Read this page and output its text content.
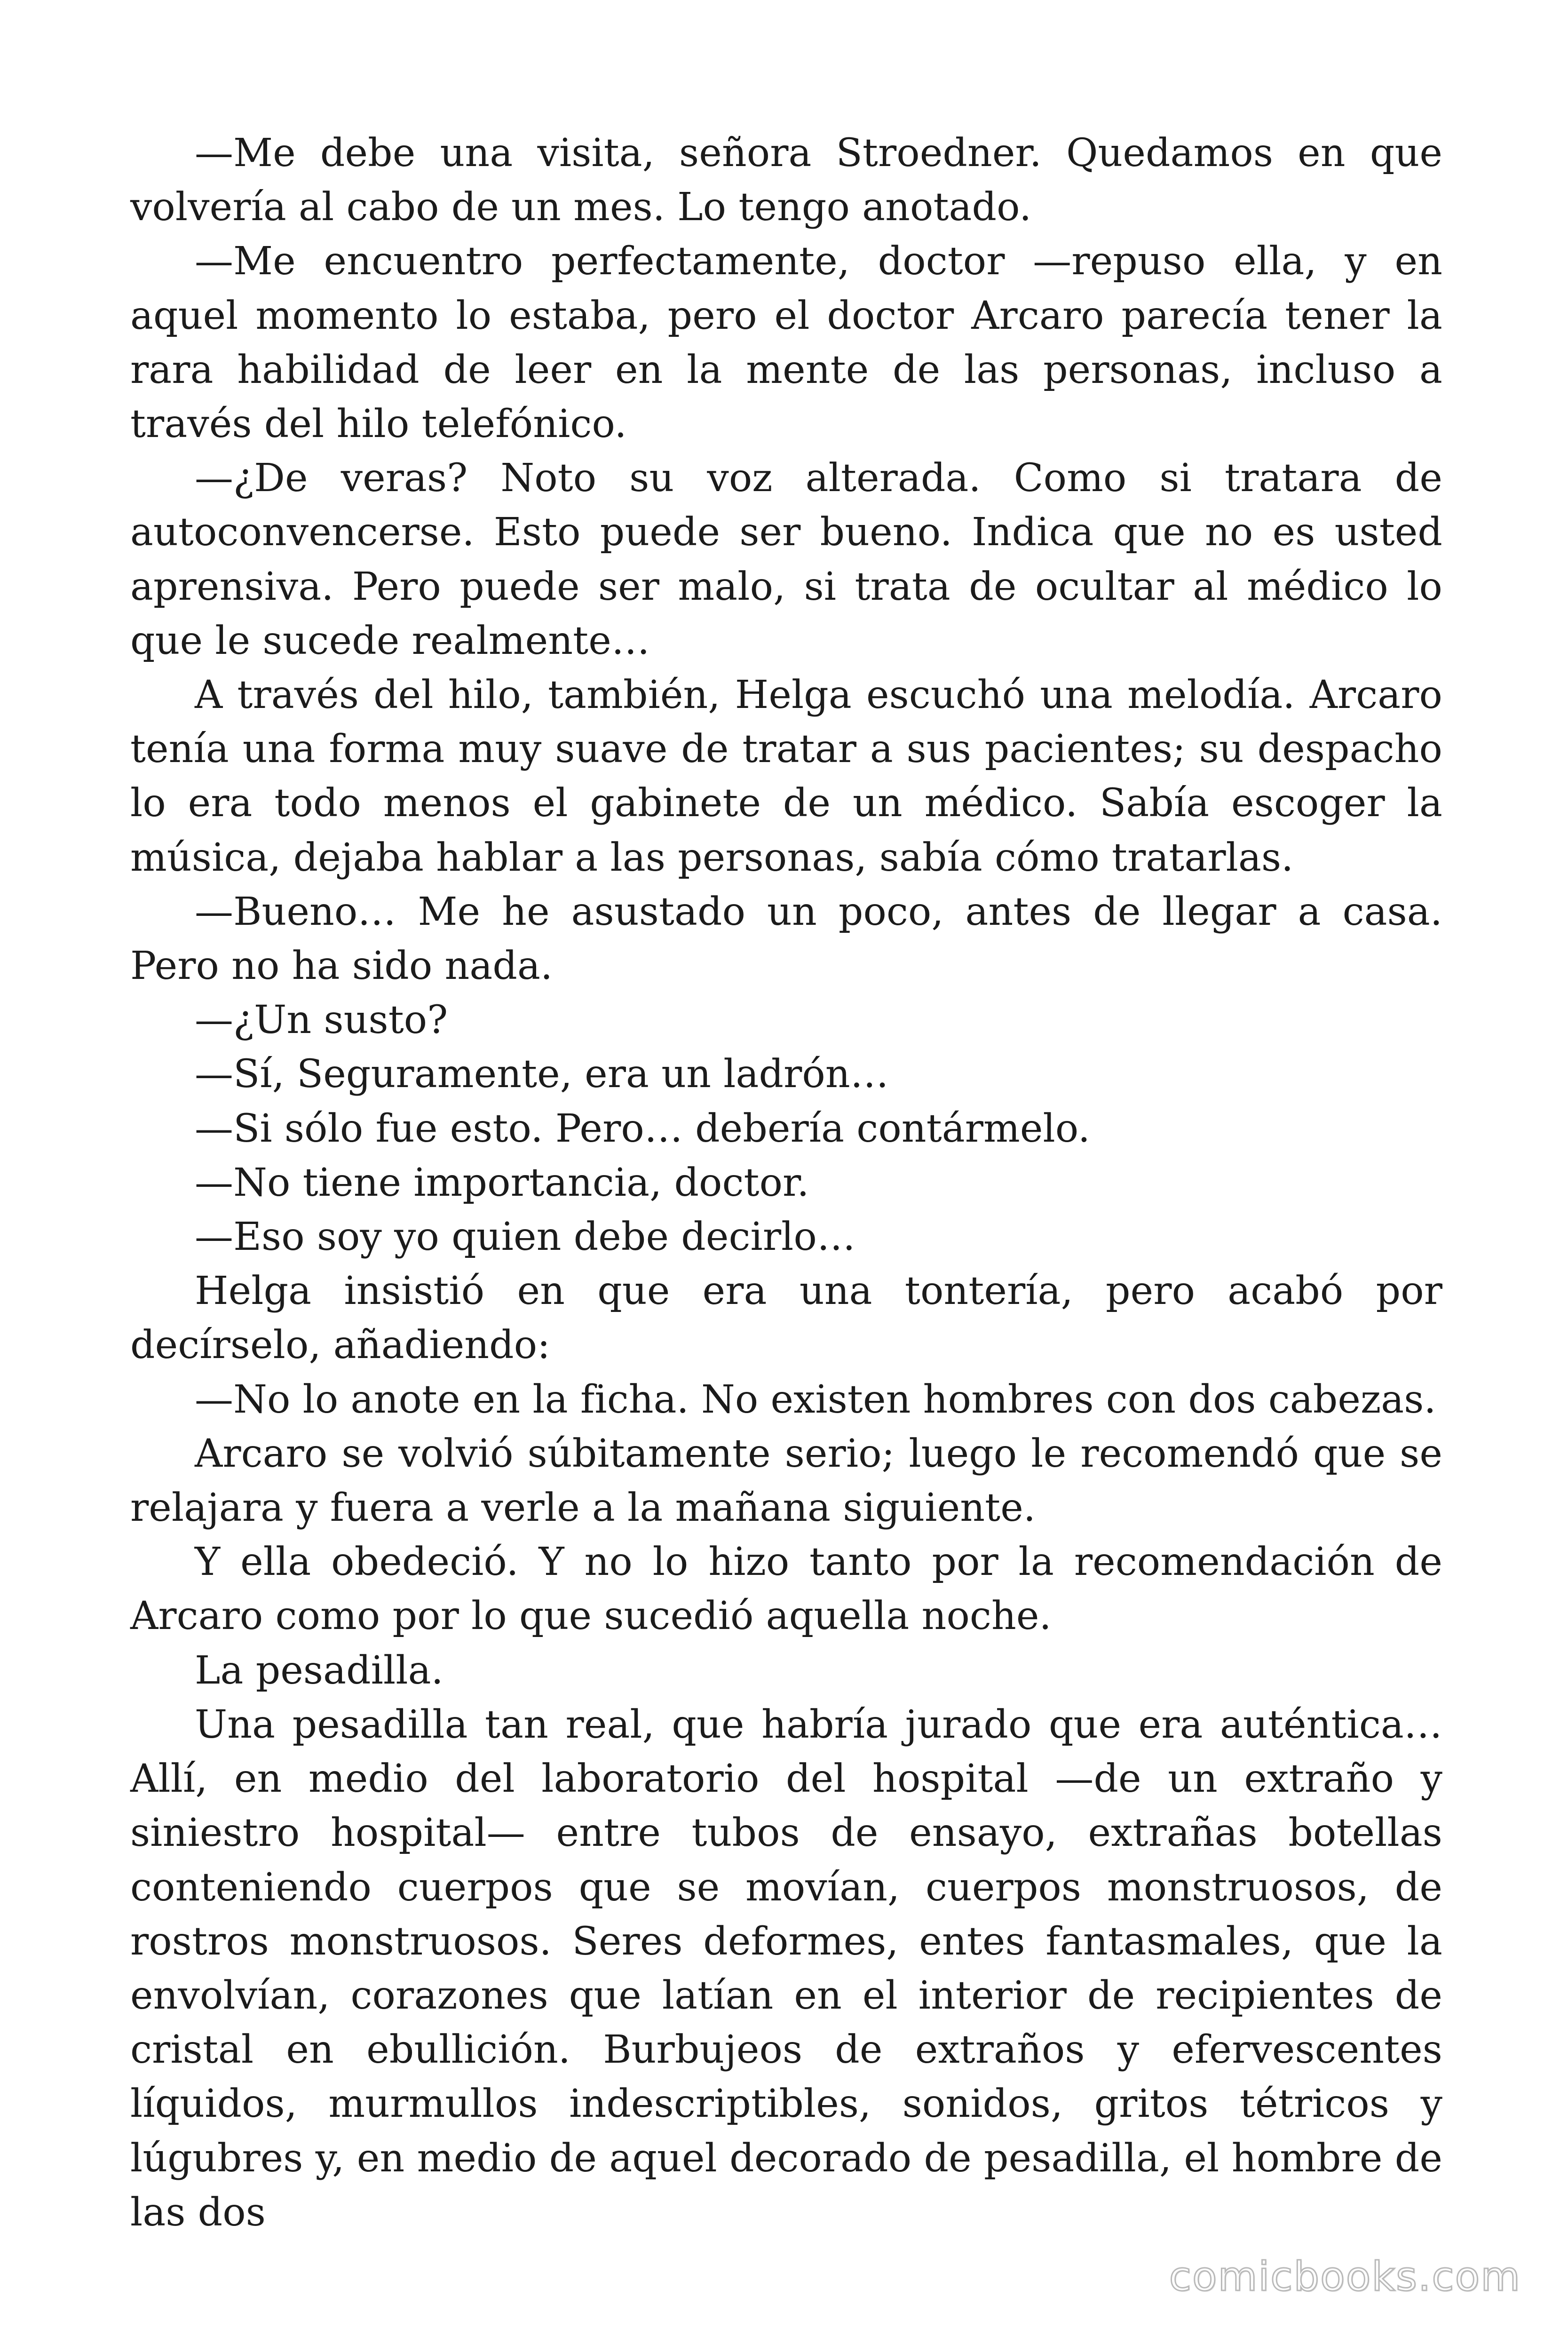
—Me debe una visita, señora Stroedner. Quedamos en que volvería al cabo de un mes. Lo tengo anotado.

—Me encuentro perfectamente, doctor —repuso ella, y en aquel momento lo estaba, pero el doctor Arcaro parecía tener la rara habilidad de leer en la mente de las personas, incluso a través del hilo telefónico.

—¿De veras? Noto su voz alterada. Como si tratara de autoconvencerse. Esto puede ser bueno. Indica que no es usted aprensiva. Pero puede ser malo, si trata de ocultar al médico lo que le sucede realmente…

A través del hilo, también, Helga escuchó una melodía. Arcaro tenía una forma muy suave de tratar a sus pacientes; su despacho lo era todo menos el gabinete de un médico. Sabía escoger la música, dejaba hablar a las personas, sabía cómo tratarlas.

—Bueno… Me he asustado un poco, antes de llegar a casa. Pero no ha sido nada.

—¿Un susto?

—Sí, Seguramente, era un ladrón…

—Si sólo fue esto. Pero… debería contármelo.

—No tiene importancia, doctor.

—Eso soy yo quien debe decirlo…

Helga insistió en que era una tontería, pero acabó por decírselo, añadiendo:

—No lo anote en la ficha. No existen hombres con dos cabezas.

Arcaro se volvió súbitamente serio; luego le recomendó que se relajara y fuera a verle a la mañana siguiente.

Y ella obedeció. Y no lo hizo tanto por la recomendación de Arcaro como por lo que sucedió aquella noche.

La pesadilla.

Una pesadilla tan real, que habría jurado que era auténtica… Allí, en medio del laboratorio del hospital —de un extraño y siniestro hospital— entre tubos de ensayo, extrañas botellas conteniendo cuerpos que se movían, cuerpos monstruosos, de rostros monstruosos. Seres deformes, entes fantasmales, que la envolvían, corazones que latían en el interior de recipientes de cristal en ebullición. Burbujeos de extraños y efervescentes líquidos, murmullos indescriptibles, sonidos, gritos tétricos y lúgubres y, en medio de aquel decorado de pesadilla, el hombre de las dos

comicbooks.com
